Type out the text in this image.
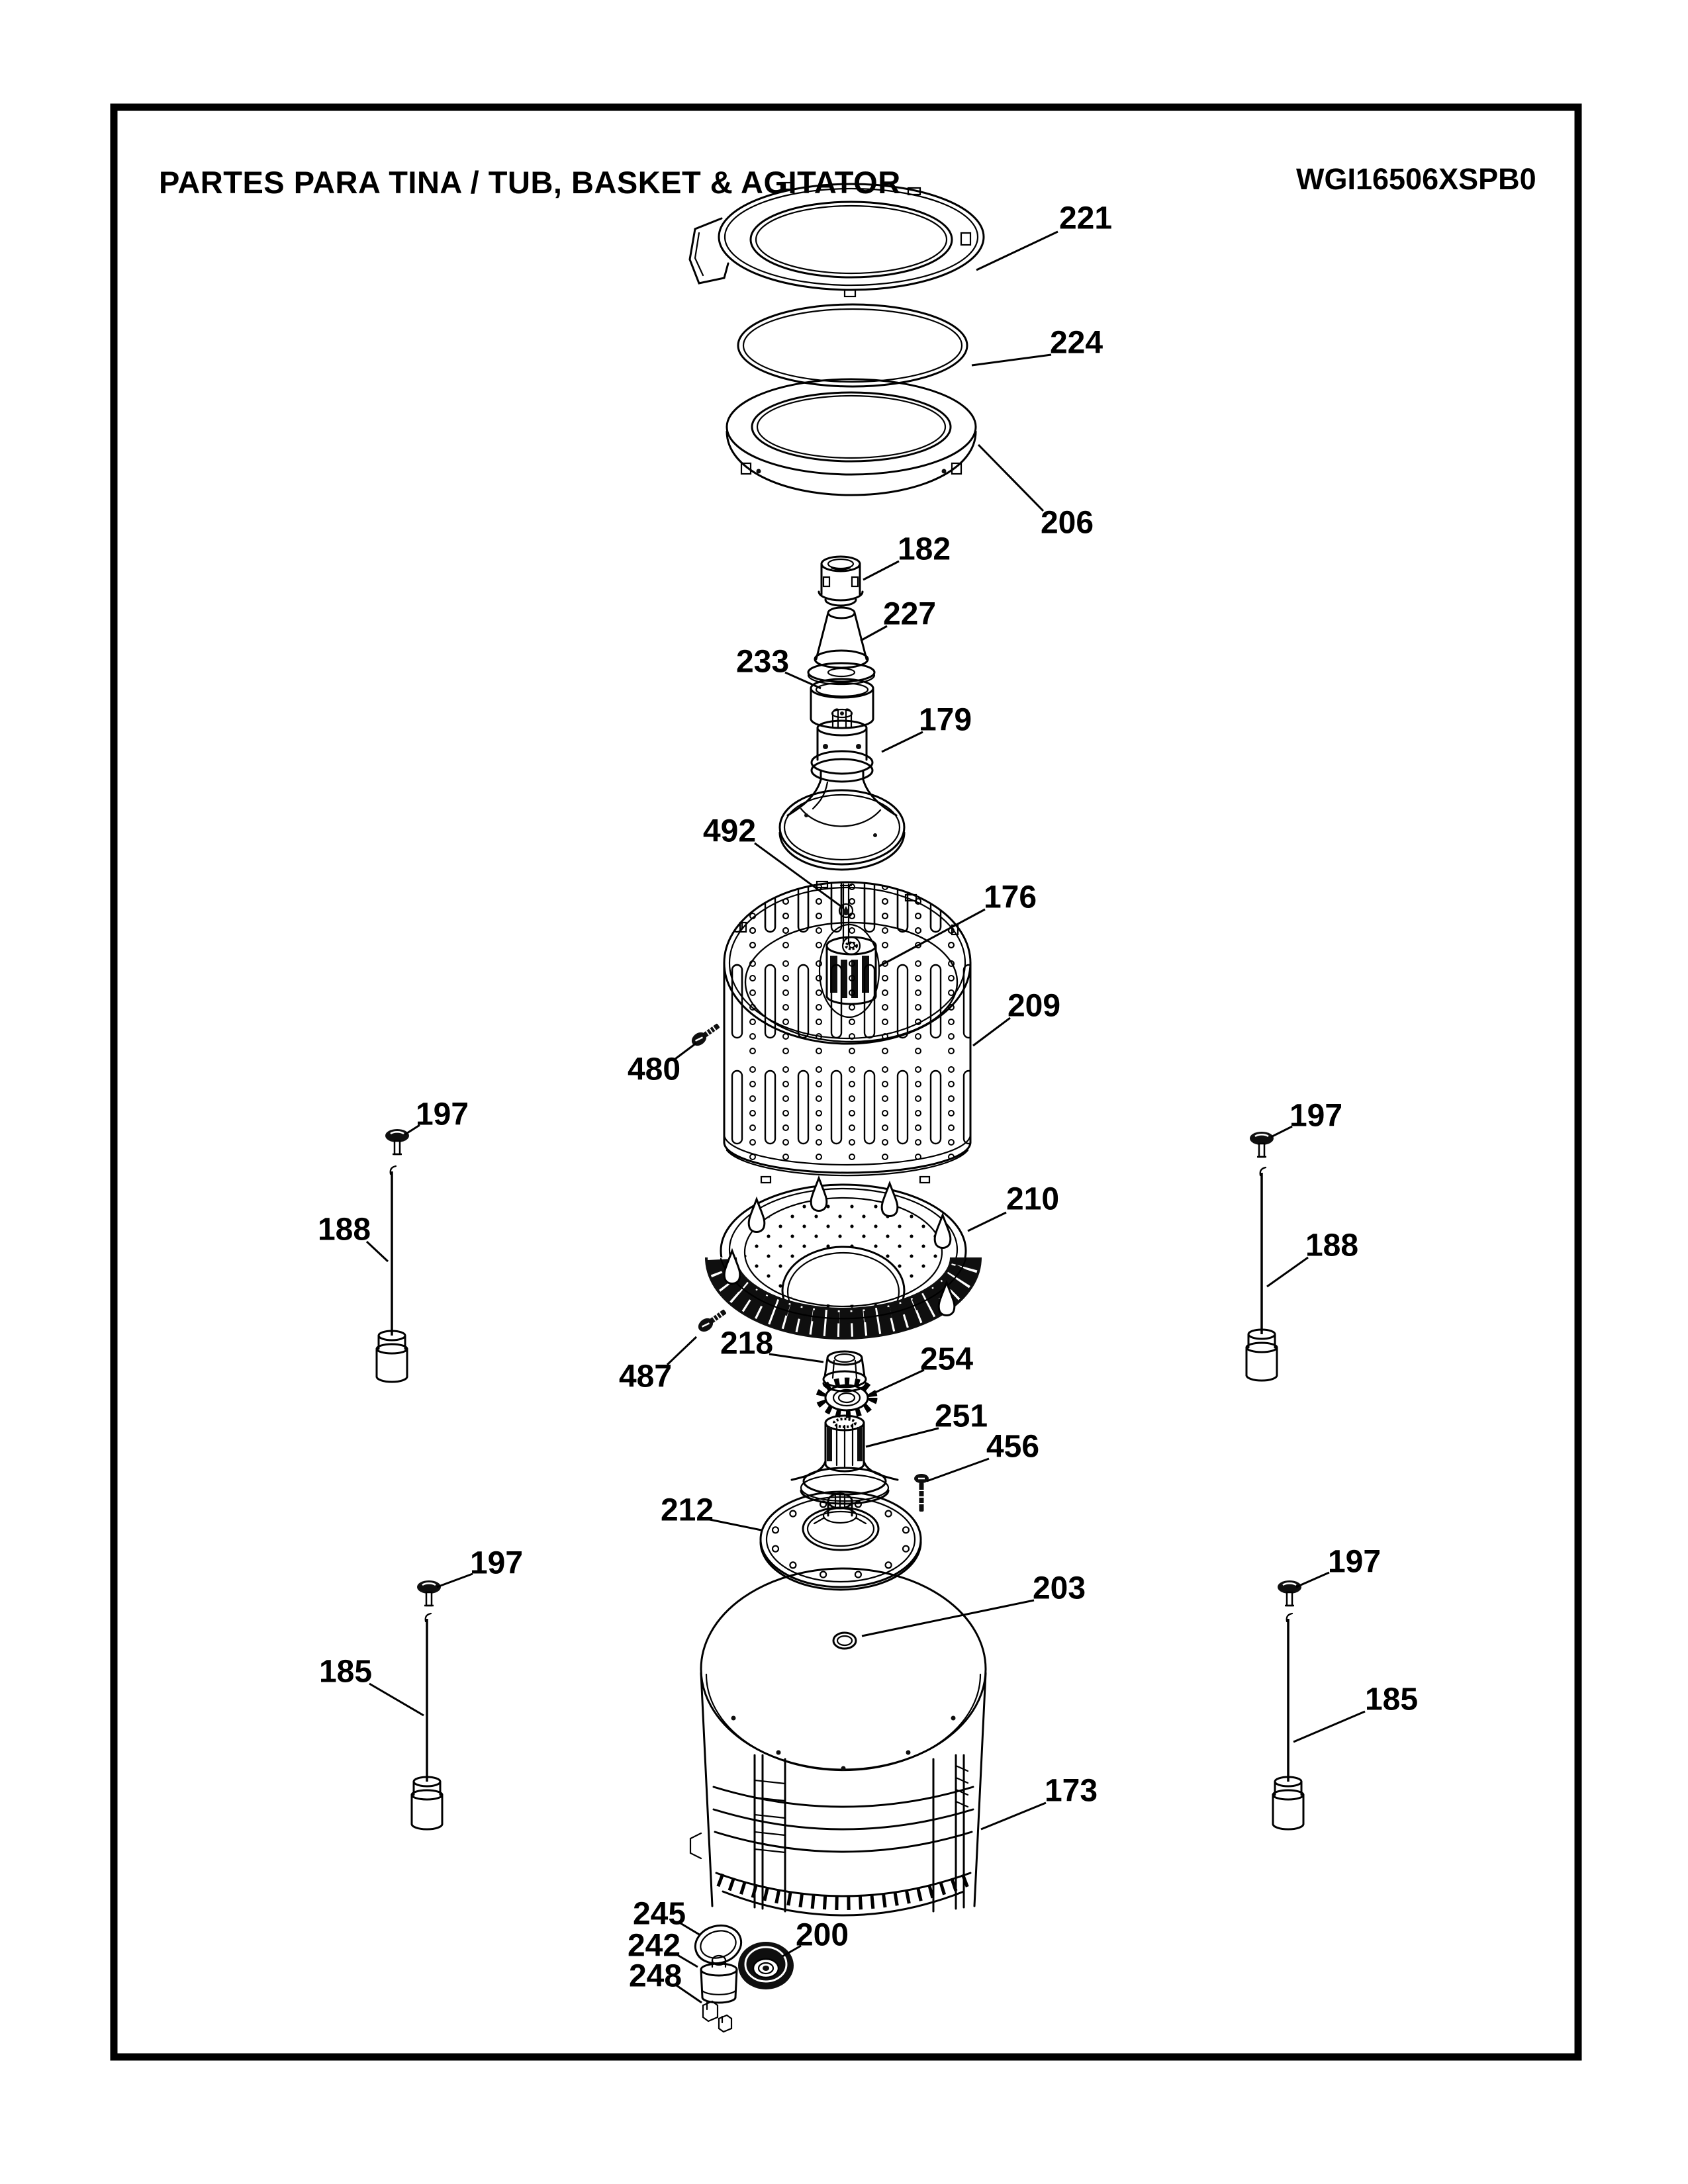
PARTES PARA TINA / TUB, BASKET & AGITATOR	WGI16506XSPB0
221
224
206
182
227
233
179
492
176
209
480
197
188
197
210
188
487
218	254
251
456
212
203
173
197
185
197
185
245
242
248
200
